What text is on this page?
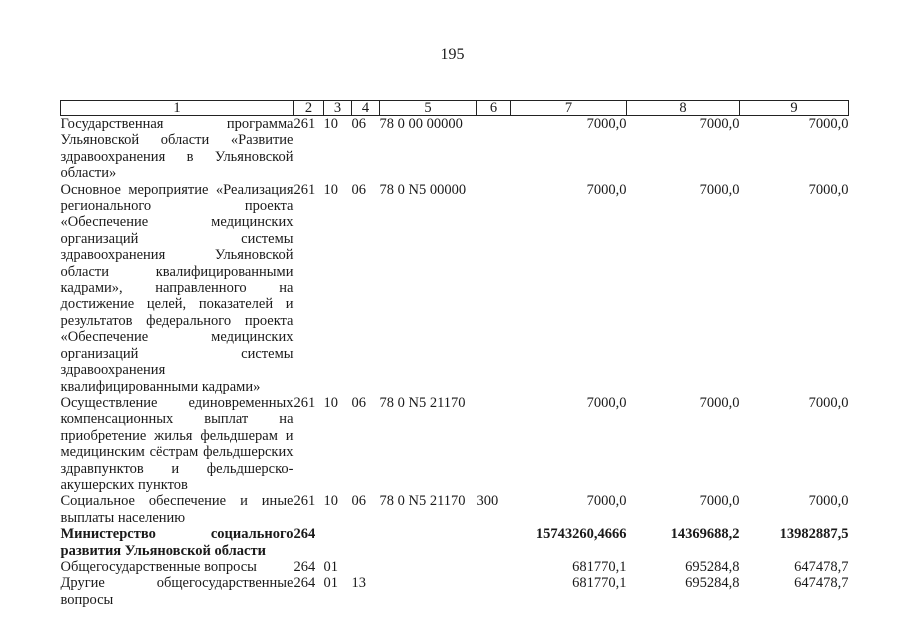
195
1	2	3	4	5	6	7	8	9
Государственная программа Ульяновской области «Развитие здравоохранения в Ульяновской области»	261	10	06	78 0 00 00000		7000,0	7000,0	7000,0
Основное мероприятие «Реализация регионального проекта «Обеспечение медицинских организаций системы здравоохранения Ульяновской области квалифицированными кадрами», направленного на достижение целей, показателей и результатов федерального проекта «Обеспечение медицинских организаций системы здравоохранения квалифицированными кадрами»	261	10	06	78 0 N5 00000		7000,0	7000,0	7000,0
Осуществление единовременных компенсационных выплат на приобретение жилья фельдшерам и медицинским сёстрам фельдшерских здравпунктов и фельдшерско-акушерских пунктов	261	10	06	78 0 N5 21170		7000,0	7000,0	7000,0
Социальное обеспечение и иные выплаты населению	261	10	06	78 0 N5 21170	300	7000,0	7000,0	7000,0
Министерство социального развития Ульяновской области	264					15743260,4666	14369688,2	13982887,5
Общегосударственные вопросы	264	01				681770,1	695284,8	647478,7
Другие общегосударственные вопросы	264	01	13			681770,1	695284,8	647478,7
